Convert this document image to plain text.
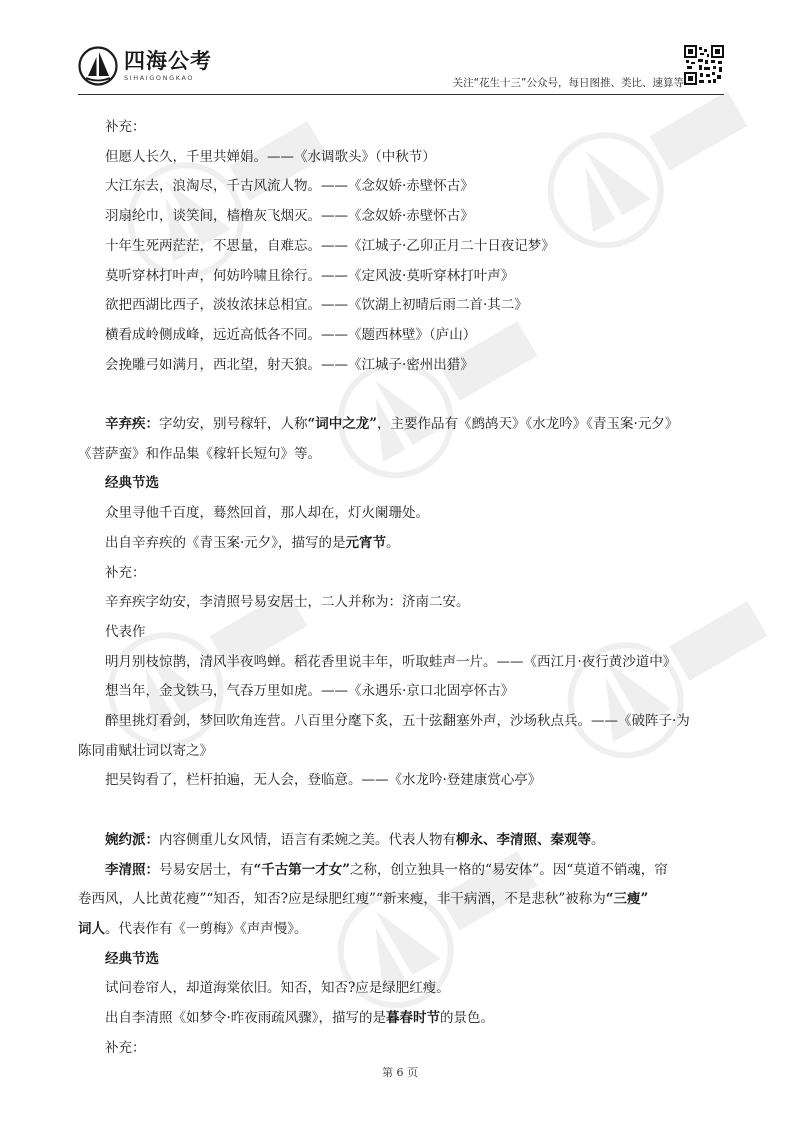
四海公考
SIHAIGONGKAO	关注“花生十三”公众号，每日图推、类比、速算等

补充：

但愿人长久，千里共婵娟。——《水调歌头》（中秋节）

大江东去，浪淘尽，千古风流人物。——《念奴娇·赤壁怀古》

羽扇纶巾，谈笑间，樯橹灰飞烟灭。——《念奴娇·赤壁怀古》

十年生死两茫茫，不思量，自难忘。——《江城子·乙卯正月二十日夜记梦》

莫听穿林打叶声，何妨吟啸且徐行。——《定风波·莫听穿林打叶声》

欲把西湖比西子，淡妆浓抹总相宜。——《饮湖上初晴后雨二首·其二》

横看成岭侧成峰，远近高低各不同。——《题西林壁》（庐山）

会挽雕弓如满月，西北望，射天狼。——《江城子·密州出猎》

辛弃疾：字幼安，别号稼轩，人称“词中之龙”，主要作品有《鹧鸪天》《水龙吟》《青玉案·元夕》

《菩萨蛮》和作品集《稼轩长短句》等。

经典节选

众里寻他千百度，蓦然回首，那人却在，灯火阑珊处。

出自辛弃疾的《青玉案·元夕》，描写的是元宵节。

补充：

辛弃疾字幼安，李清照号易安居士，二人并称为：济南二安。

代表作

明月别枝惊鹊，清风半夜鸣蝉。稻花香里说丰年，听取蛙声一片。——《西江月·夜行黄沙道中》

想当年，金戈铁马，气吞万里如虎。——《永遇乐·京口北固亭怀古》

醉里挑灯看剑，梦回吹角连营。八百里分麾下炙，五十弦翻塞外声，沙场秋点兵。——《破阵子·为

陈同甫赋壮词以寄之》

把吴钩看了，栏杆拍遍，无人会，登临意。——《水龙吟·登建康赏心亭》

婉约派：内容侧重儿女风情，语言有柔婉之美。代表人物有柳永、李清照、秦观等。

李清照：号易安居士，有“千古第一才女”之称，创立独具一格的“易安体”。因“莫道不销魂，帘

卷西风，人比黄花瘦”“知否，知否?应是绿肥红瘦”“新来瘦，非干病酒，不是悲秋”被称为“三瘦”

词人。代表作有《一剪梅》《声声慢》。

经典节选

试问卷帘人，却道海棠依旧。知否，知否?应是绿肥红瘦。

出自李清照《如梦令·昨夜雨疏风骤》，描写的是暮春时节的景色。

补充：

第 6 页
